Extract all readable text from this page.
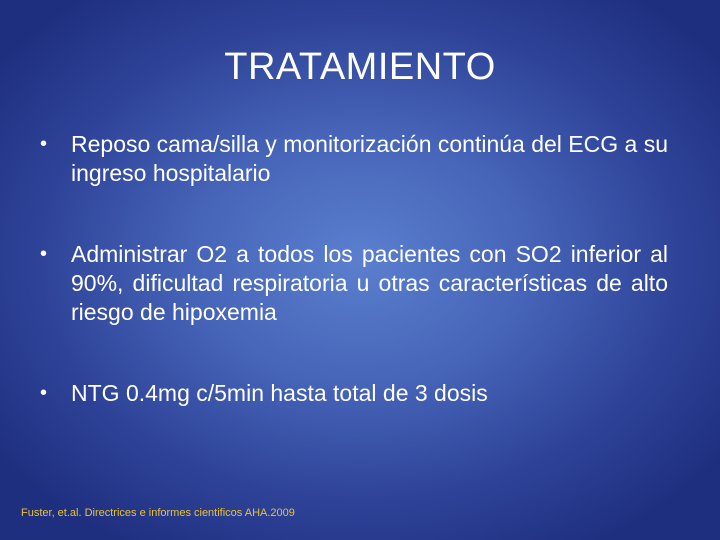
TRATAMIENTO
• Reposo cama/silla y monitorización continúa del ECG a su ingreso hospitalario
• Administrar O2 a todos los pacientes con SO2 inferior al 90%, dificultad respiratoria u otras características de alto riesgo de hipoxemia
• NTG 0.4mg c/5min hasta total de 3 dosis
Fuster, et.al. Directrices e informes cientificos AHA.2009
